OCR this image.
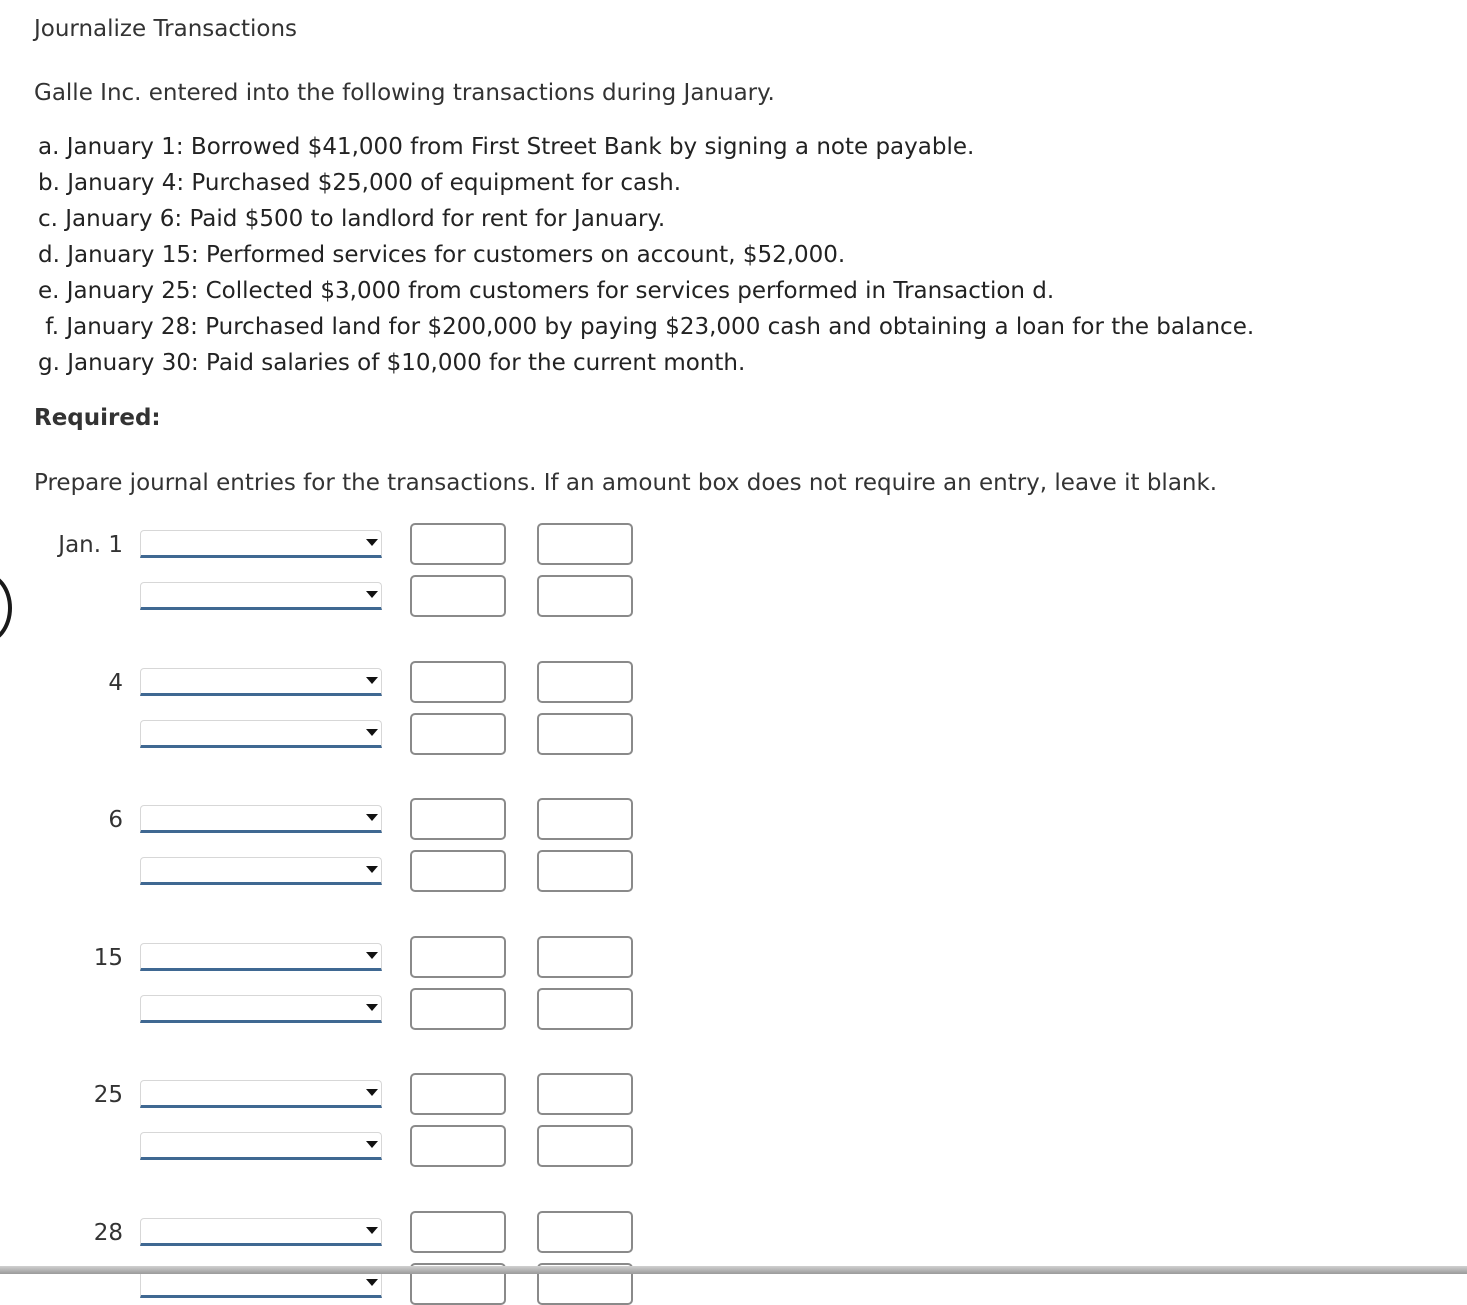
Journalize Transactions
Galle Inc. entered into the following transactions during January.
a. January 1: Borrowed $41,000 from First Street Bank by signing a note payable.
b. January 4: Purchased $25,000 of equipment for cash.
c. January 6: Paid $500 to landlord for rent for January.
d. January 15: Performed services for customers on account, $52,000.
e. January 25: Collected $3,000 from customers for services performed in Transaction d.
f. January 28: Purchased land for $200,000 by paying $23,000 cash and obtaining a loan for the balance.
g. January 30: Paid salaries of $10,000 for the current month.
Required:
Prepare journal entries for the transactions. If an amount box does not require an entry, leave it blank.
Jan. 1
4
6
15
25
28
